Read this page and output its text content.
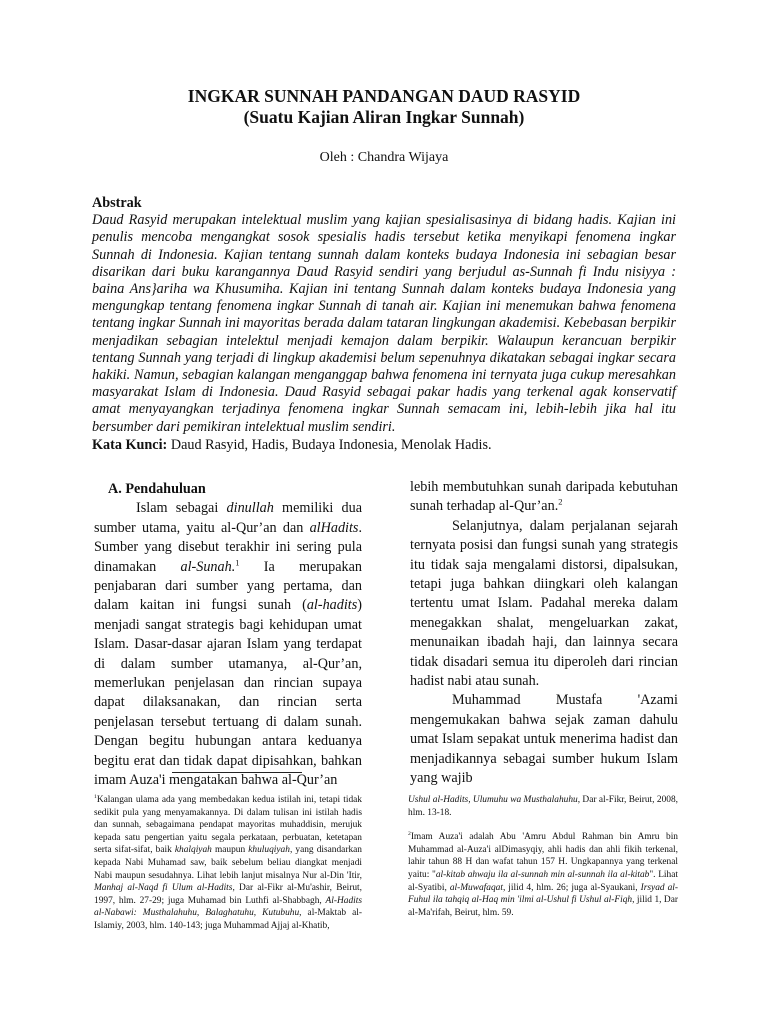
INGKAR SUNNAH PANDANGAN DAUD RASYID
(Suatu Kajian Aliran Ingkar Sunnah)
Oleh : Chandra Wijaya
Abstrak
Daud Rasyid merupakan intelektual muslim yang kajian spesialisasinya di bidang hadis. Kajian ini penulis mencoba mengangkat sosok spesialis hadis tersebut ketika menyikapi fenomena ingkar Sunnah di Indonesia. Kajian tentang sunnah dalam konteks budaya Indonesia ini sebagian besar disarikan dari buku karangannya Daud Rasyid sendiri yang berjudul as-Sunnah fi Indu nisiyya : baina Ans}ariha wa Khusumiha. Kajian ini tentang Sunnah dalam konteks budaya Indonesia yang mengungkap tentang fenomena ingkar Sunnah di tanah air. Kajian ini menemukan bahwa fenomena tentang ingkar Sunnah ini mayoritas berada dalam tataran lingkungan akademisi. Kebebasan berpikir menjadikan sebagian intelektul menjadi kemajon dalam berpikir. Walaupun kerancuan berpikir tentang Sunnah yang terjadi di lingkup akademisi belum sepenuhnya dikatakan sebagai ingkar secara hakiki. Namun, sebagian kalangan menganggap bahwa fenomena ini ternyata juga cukup meresahkan masyarakat Islam di Indonesia. Daud Rasyid sebagai pakar hadis yang terkenal agak konservatif amat menyayangkan terjadinya fenomena ingkar Sunnah semacam ini, lebih-lebih jika hal itu bersumber dari pemikiran intelektual muslim sendiri.
Kata Kunci: Daud Rasyid, Hadis, Budaya Indonesia, Menolak Hadis.

A. Pendahuluan

Islam sebagai dinullah memiliki dua sumber utama, yaitu al-Qur’an dan alHadits. Sumber yang disebut terakhir ini sering pula dinamakan al-Sunah.$^1$ Ia merupakan penjabaran dari sumber yang pertama, dan dalam kaitan ini fungsi sunah (al-hadits) menjadi sangat strategis bagi kehidupan umat Islam. Dasar-dasar ajaran Islam yang terdapat di dalam sumber utamanya, al-Qur’an, memerlukan penjelasan dan rincian supaya dapat dilaksanakan, dan rincian serta penjelasan tersebut tertuang di dalam sunah. Dengan begitu hubungan antara keduanya begitu erat dan tidak dapat dipisahkan, bahkan imam Auza'i mengatakan bahwa al-Qur’an

lebih membutuhkan sunah daripada kebutuhan sunah terhadap al-Qur’an.$^2$

Selanjutnya, dalam perjalanan sejarah ternyata posisi dan fungsi sunah yang strategis itu tidak saja mengalami distorsi, dipalsukan, tetapi juga bahkan diingkari oleh kalangan tertentu umat Islam. Padahal mereka dalam menegakkan shalat, mengeluarkan zakat, menunaikan ibadah haji, dan lainnya secara tidak disadari semua itu diperoleh dari rincian hadist nabi atau sunah.

Muhammad Mustafa 'Azami mengemukakan bahwa sejak zaman dahulu umat Islam sepakat untuk menerima hadist dan menjadikannya sebagai sumber hukum Islam yang wajib

$^1$Kalangan ulama ada yang membedakan kedua istilah ini, tetapi tidak sedikit pula yang menyamakannya. Di dalam tulisan ini istilah hadis dan sunnah, sebagaimana pendapat mayoritas muhaddisin, merujuk kepada satu pengertian yaitu segala perkataan, perbuatan, ketetapan serta sifat-sifat, baik khalqiyah maupun khuluqiyah, yang disandarkan kepada Nabi Muhamad saw, baik sebelum beliau diangkat menjadi Nabi maupun sesudahnya. Lihat lebih lanjut misalnya Nur al-Din 'Itir, Manhaj al-Naqd fi Ulum al-Hadits, Dar al-Fikr al-Mu'ashir, Beirut, 1997, hlm. 27-29; juga Muhamad bin Luthfi al-Shabbagh, Al-Hadits al-Nabawi: Musthalahuhu, Balaghatuhu, Kutubuhu, al-Maktab al-Islamiy, 2003, hlm. 140-143; juga Muhammad Ajjaj al-Khatib,

Ushul al-Hadits, Ulumuhu wa Musthalahuhu, Dar al-Fikr, Beirut, 2008, hlm. 13-18.

$^2$Imam Auza'i adalah Abu 'Amru Abdul Rahman bin Amru bin Muhammad al-Auza'i alDimasyqiy, ahli hadis dan ahli fikih terkenal, lahir tahun 88 H dan wafat tahun 157 H. Ungkapannya yang terkenal yaitu: "al-kitab ahwaju ila al-sunnah min al-sunnah ila al-kitab". Lihat al-Syatibi, al-Muwafaqat, jilid 4, hlm. 26; juga al-Syaukani, Irsyad al-Fuhul ila tahqiq al-Haq min 'ilmi al-Ushul fi Ushul al-Fiqh, jilid 1, Dar al-Ma'rifah, Beirut, hlm. 59.
